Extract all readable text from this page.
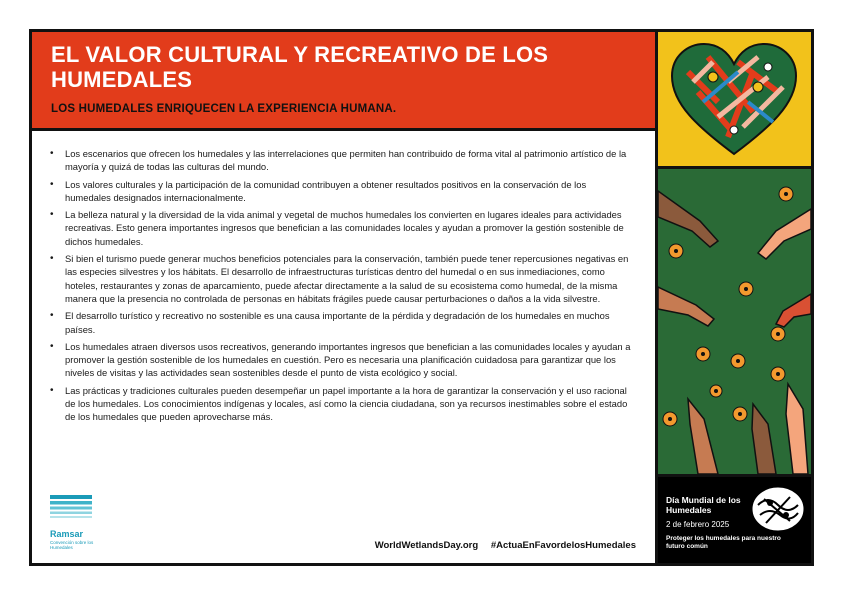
EL VALOR CULTURAL Y RECREATIVO DE LOS HUMEDALES
LOS HUMEDALES ENRIQUECEN LA EXPERIENCIA HUMANA.
• Los escenarios que ofrecen los humedales y las interrelaciones que permiten han contribuido de forma vital al patrimonio artístico de la mayoría y quizá de todas las culturas del mundo.
• Los valores culturales y la participación de la comunidad contribuyen a obtener resultados positivos en la conservación de los humedales designados internacionalmente.
• La belleza natural y la diversidad de la vida animal y vegetal de muchos humedales los convierten en lugares ideales para actividades recreativas. Esto genera importantes ingresos que benefician a las comunidades locales y ayudan a promover la gestión sostenible de dichos humedales.
• Si bien el turismo puede generar muchos beneficios potenciales para la conservación, también puede tener repercusiones negativas en las especies silvestres y los hábitats. El desarrollo de infraestructuras turísticas dentro del humedal o en sus inmediaciones, como hoteles, restaurantes y zonas de aparcamiento, puede afectar directamente a la salud de su ecosistema como humedal, de la misma manera que la presencia no controlada de personas en hábitats frágiles puede causar perturbaciones o daños a la vida silvestre.
• El desarrollo turístico y recreativo no sostenible es una causa importante de la pérdida y degradación de los humedales en muchos países.
• Los humedales atraen diversos usos recreativos, generando importantes ingresos que benefician a las comunidades locales y ayudan a promover la gestión sostenible de los humedales en cuestión. Pero es necesaria una planificación cuidadosa para garantizar que los niveles de visitas y las actividades sean sostenibles desde el punto de vista ecológico y social.
• Las prácticas y tradiciones culturales pueden desempeñar un papel importante a la hora de garantizar la conservación y el uso racional de los humedales. Los conocimientos indígenas y locales, así como la ciencia ciudadana, son ya recursos inestimables sobre el estado de los humedales que pueden aprovecharse más.
Ramsar
Convención sobre los Humedales	WorldWetlandsDay.org #ActuaEnFavordelosHumedales
Día Mundial de los Humedales
2 de febrero 2025
Proteger los humedales para nuestro futuro común
